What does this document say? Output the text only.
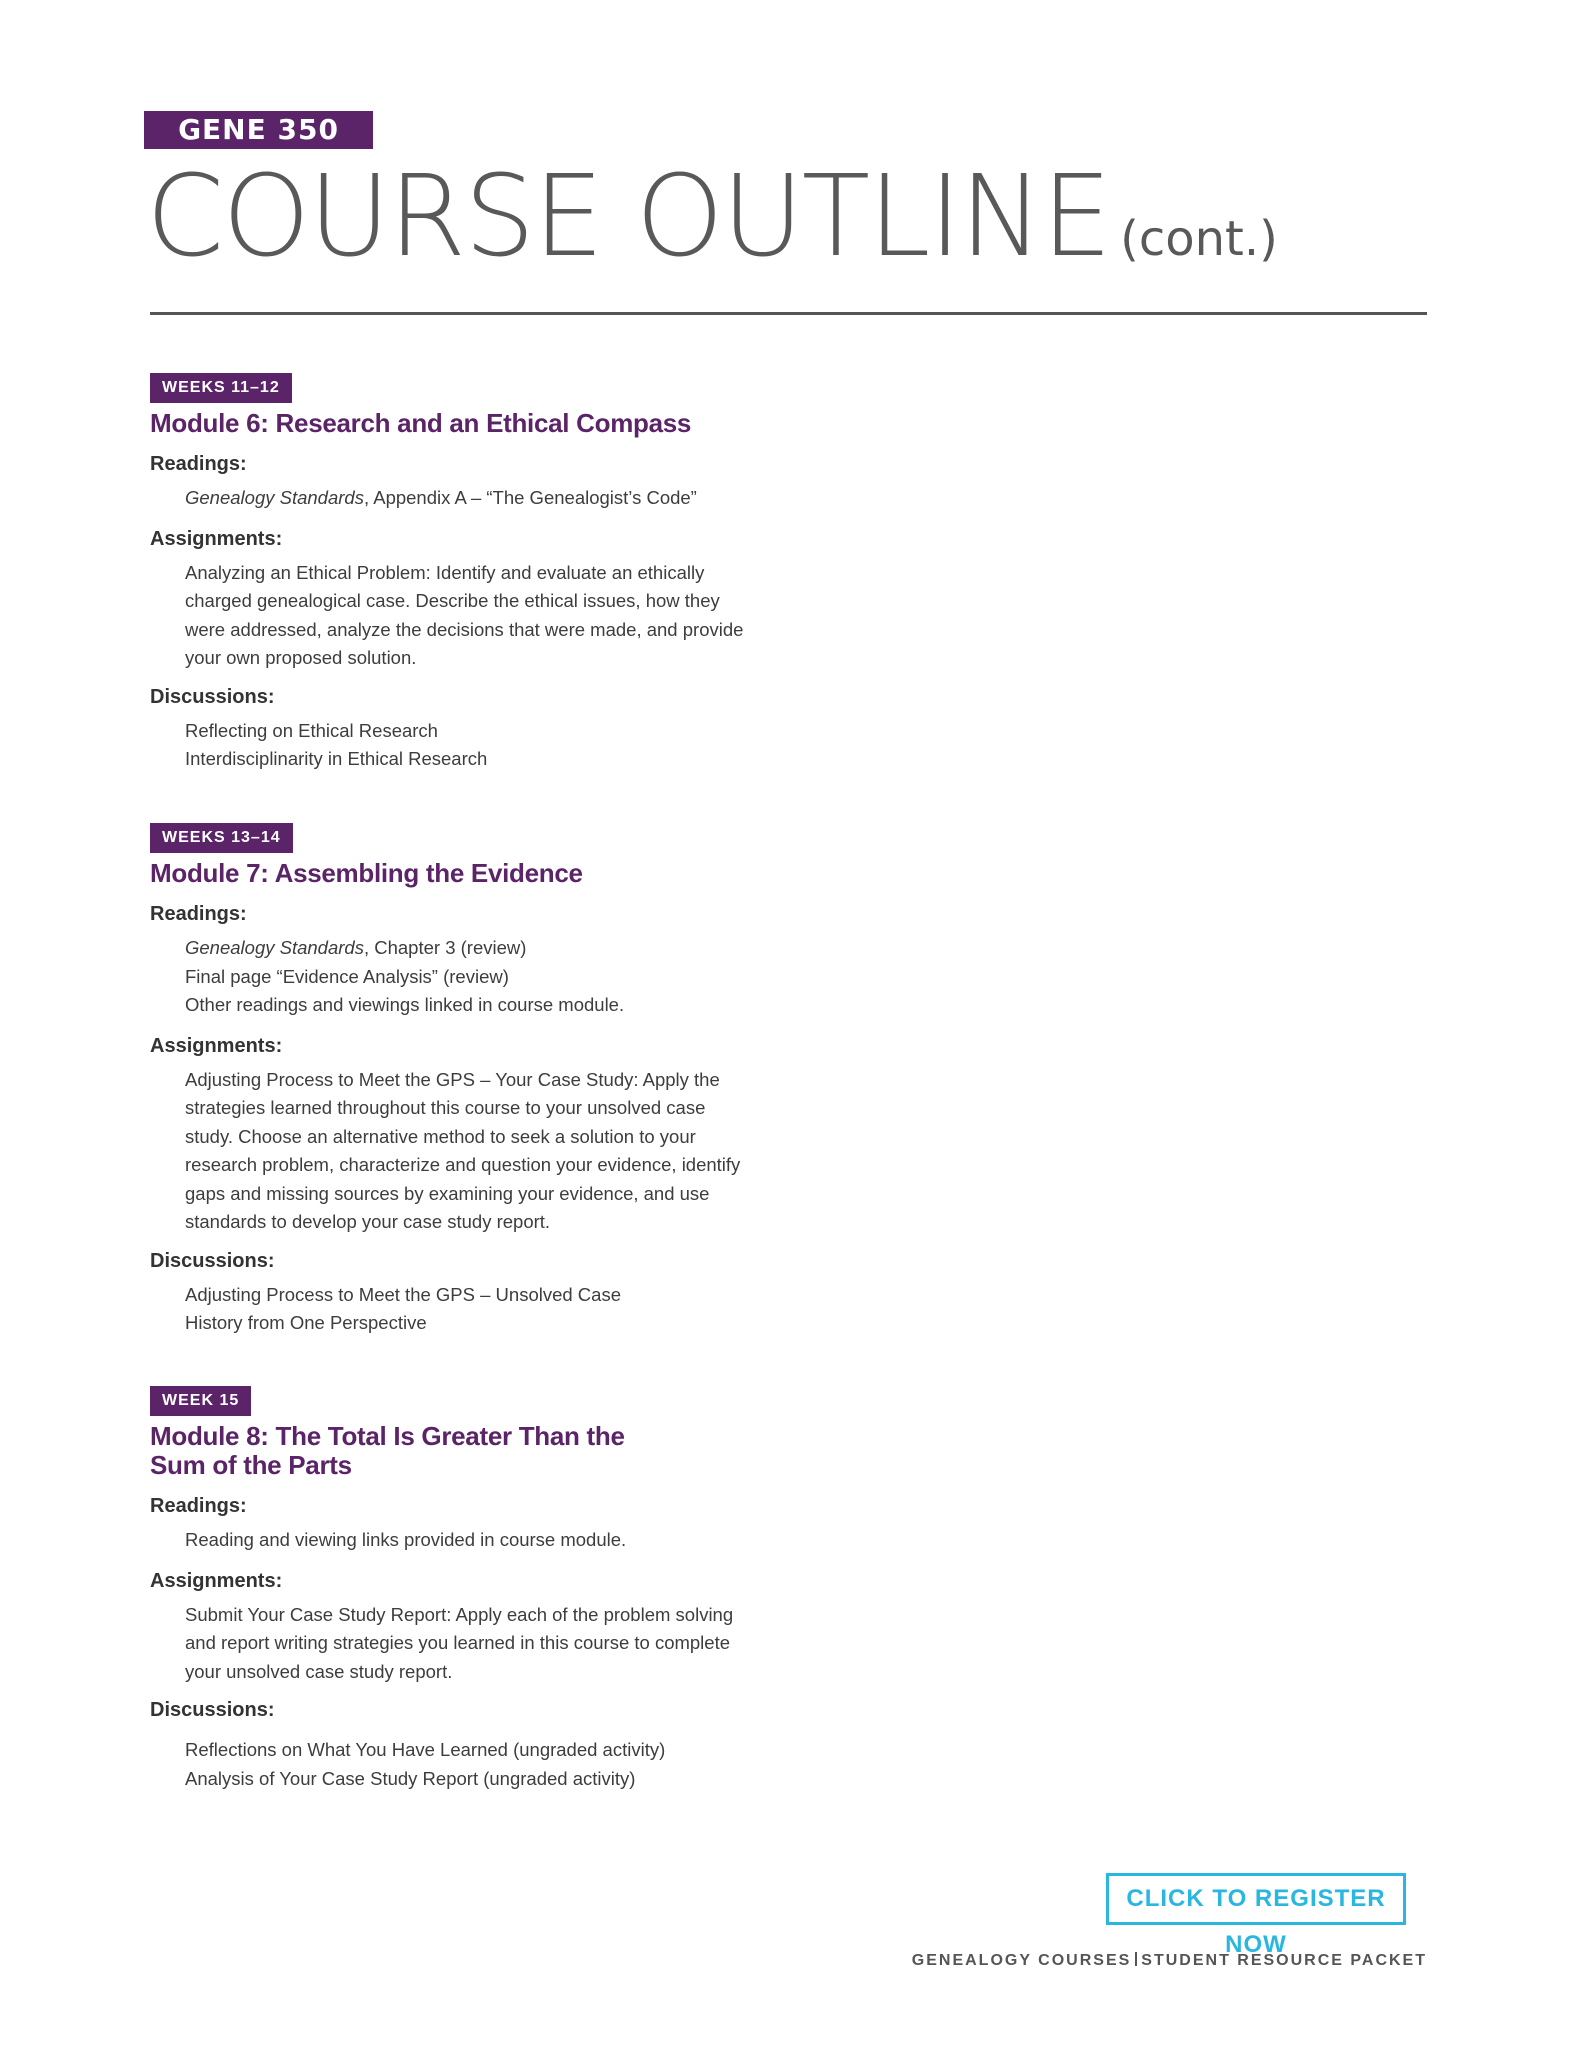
GENE 350
COURSE OUTLINE (cont.)
WEEKS 11–12
Module 6: Research and an Ethical Compass
Readings:
Genealogy Standards, Appendix A – “The Genealogist’s Code”
Assignments:
Analyzing an Ethical Problem: Identify and evaluate an ethically
charged genealogical case. Describe the ethical issues, how they
were addressed, analyze the decisions that were made, and provide
your own proposed solution.
Discussions:
Reflecting on Ethical Research
Interdisciplinarity in Ethical Research
WEEKS 13–14
Module 7: Assembling the Evidence
Readings:
Genealogy Standards, Chapter 3 (review)
Final page “Evidence Analysis” (review)
Other readings and viewings linked in course module.
Assignments:
Adjusting Process to Meet the GPS – Your Case Study: Apply the
strategies learned throughout this course to your unsolved case
study. Choose an alternative method to seek a solution to your
research problem, characterize and question your evidence, identify
gaps and missing sources by examining your evidence, and use
standards to develop your case study report.
Discussions:
Adjusting Process to Meet the GPS – Unsolved Case
History from One Perspective
WEEK 15
Module 8: The Total Is Greater Than the
Sum of the Parts
Readings:
Reading and viewing links provided in course module.
Assignments:
Submit Your Case Study Report: Apply each of the problem solving
and report writing strategies you learned in this course to complete
your unsolved case study report.
Discussions:
Reflections on What You Have Learned (ungraded activity)
Analysis of Your Case Study Report (ungraded activity)
CLICK TO REGISTER NOW
GENEALOGY COURSES STUDENT RESOURCE PACKET
